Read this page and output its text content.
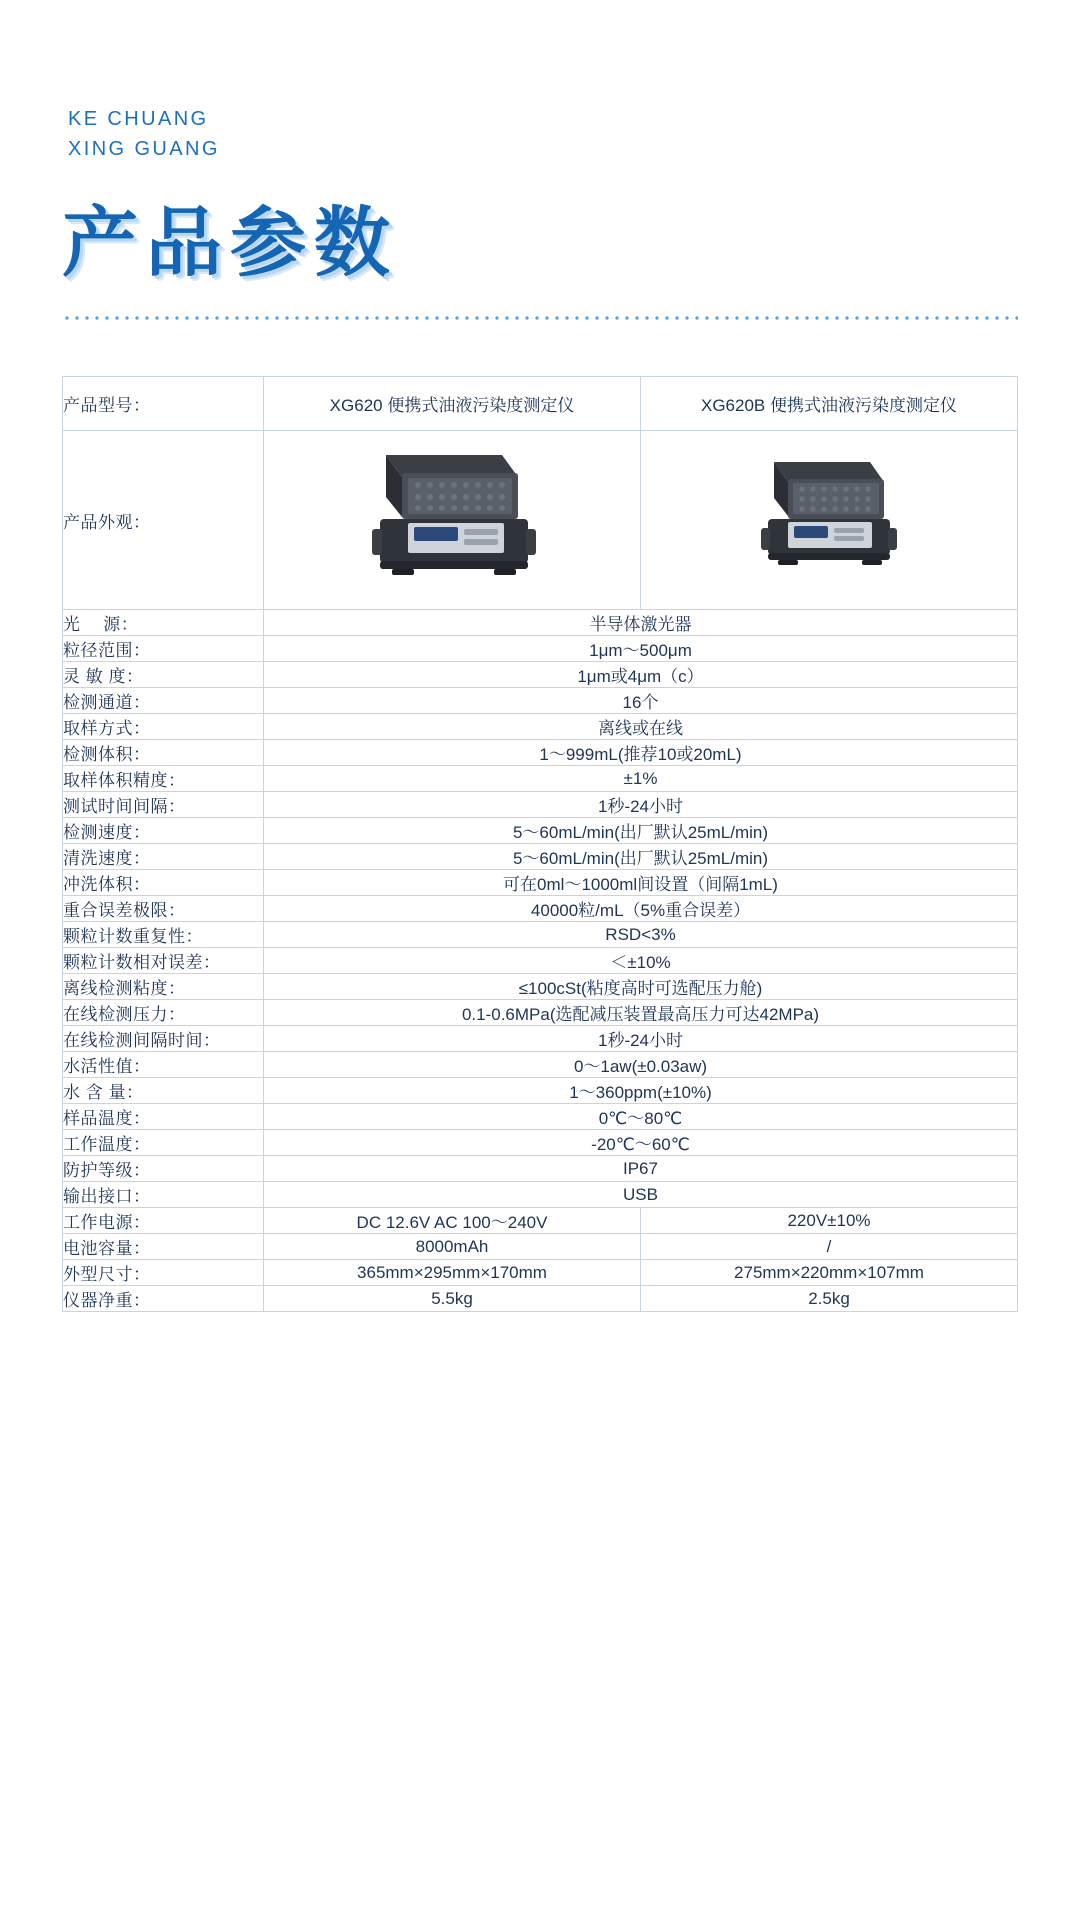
KE CHUANG
XING GUANG
产品参数
产品型号：	XG620 便携式油液污染度测定仪	XG620B 便携式油液污染度测定仪
产品外观：		
光　 源：	半导体激光器	
粒径范围：	1μm～500μm	
灵 敏 度：	1μm或4μm（c）	
检测通道：	16个	
取样方式：	离线或在线	
检测体积：	1～999mL(推荐10或20mL)	
取样体积精度：	±1%	
测试时间间隔：	1秒-24小时	
检测速度：	5～60mL/min(出厂默认25mL/min)	
清洗速度：	5～60mL/min(出厂默认25mL/min)	
冲洗体积：	可在0ml～1000ml间设置（间隔1mL)	
重合误差极限：	40000粒/mL（5%重合误差）	
颗粒计数重复性：	RSD<3%	
颗粒计数相对误差：	＜±10%	
离线检测粘度：	≤100cSt(粘度高时可选配压力舱)	
在线检测压力：	0.1-0.6MPa(选配减压装置最高压力可达42MPa)	
在线检测间隔时间：	1秒-24小时	
水活性值：	0～1aw(±0.03aw)	
水 含 量：	1～360ppm(±10%)	
样品温度：	0℃～80℃	
工作温度：	-20℃～60℃	
防护等级：	IP67	
输出接口：	USB	
工作电源：	DC 12.6V AC 100～240V	220V±10%
电池容量：	8000mAh	/
外型尺寸：	365mm×295mm×170mm	275mm×220mm×107mm
仪器净重：	5.5kg	2.5kg
